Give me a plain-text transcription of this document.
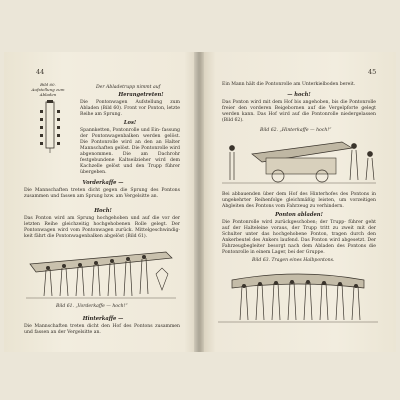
44
Bild 60. Aufstellung zum Abladen
Der Abladetrupp nimmt auf
Herangetreten!
Die Pontonwagen Aufstellung zum Abladen (Bild 60). Front vor Ponton, letzte Reihe am Sprung.
Los!
Spannketten, Pontonrolle und Ein- fassung der Pontonwagenbalken werden gelöst. Die Pontonrolle wird an den an Halter Mannschaften gelöst. Die Pontonrolle wird abgenommen. Die am Dachrohr festgebundene Kaltseilzieher wird dem Kachzelle gelöst und den Trupp führer übergeben.
Vorderkaffe —
Die Mannschaften treten dicht gegen die Sprung des Pontons zusammen und fassen am Sprung bzw. am Vergelsitte an.
Hoch!
Das Ponton wird am Sprung hochgehoben und auf die vor der letzten Reihe gleichzeitig hochgehobenen Rolle gelegt. Der Pontonwagen wird vom Pontonwagen zurück. Mittelgeschwindig- keit fährt die Pontonwagenbalken abgelöst (Bild 61).
Bild 61. „Vorderkaffe — hoch!“
Hinterkaffe —
Die Mannschaften treten dicht den Hof des Pontons zusammen und fassen an der Vergelsitte an.
45
Ein Mann hält die Pontonrolle am Unterkielboden bereit.
— hoch!
Das Ponton wird mit dem Hof bis angehoben, bis die Pontonrolle freier den vorderen Beigebornen auf die Vergelpforte gelegt werden kann. Das Hof wird auf die Pontonrolle niedergelassen (Bild 62).
Bild 62. „Hinterkaffe — hoch!“
Bei abbauenden über dem Hof des Hinterhofes des Pontons in ungekehrter Reihenfolge gleichmäßig leisten, um vorzeitigen Abgleiten des Pontons vom Fahrzeug zu verhindern.
Ponton abladen!
Die Pontonrolle wird zurückgeschoben; der Trupp- führer geht auf der Halteleine voraus, der Trupp tritt zu zweit mit der Schulter unter das hochgehobene Ponton, tragen durch den Ankerbeutel des Ankers laufend. Das Ponton wird abgesetzt. Der Fahrzeugbegleiter besorgt nach dem Abladen des Pontons die Pontonrolle in einem Lager, bei der Gruppe.
Bild 63. Tragen eines Halbpontons.
